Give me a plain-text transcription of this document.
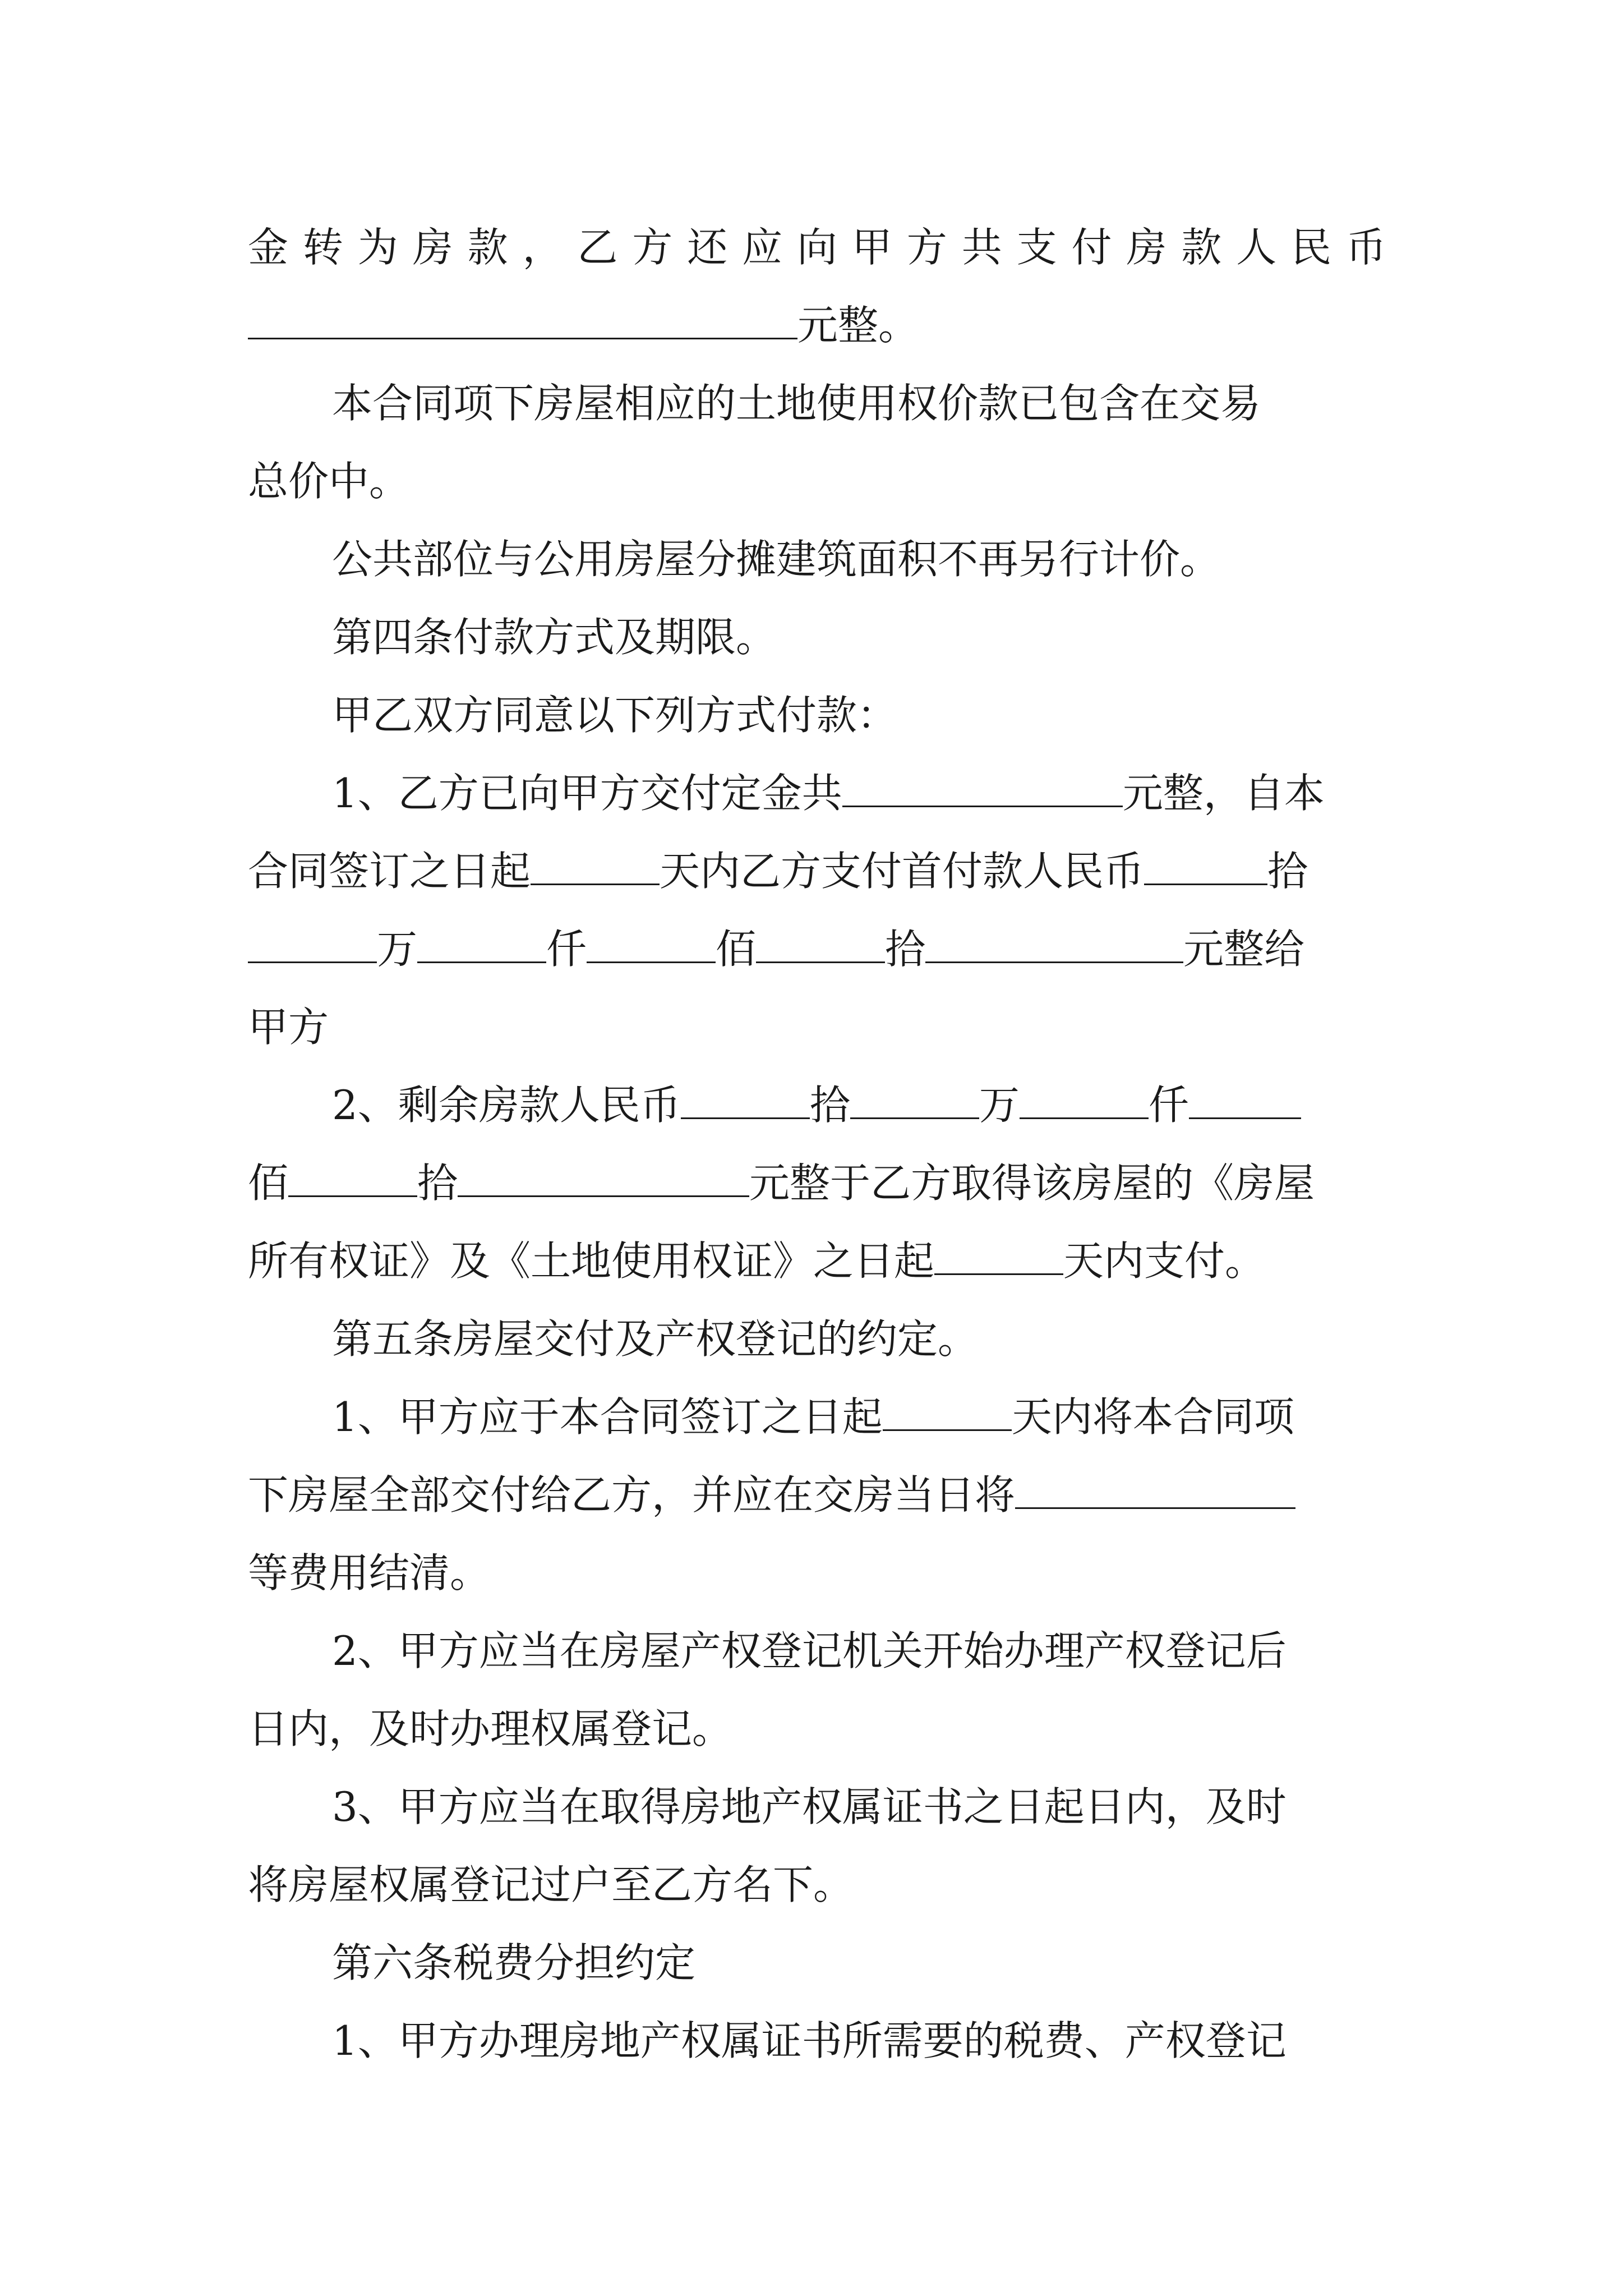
金转为房款，乙方还应向甲方共支付房款人民币
元整。
本合同项下房屋相应的土地使用权价款已包含在交易
总价中。
公共部位与公用房屋分摊建筑面积不再另行计价。
第四条付款方式及期限。
甲乙双方同意以下列方式付款：
1、乙方已向甲方交付定金共	元整，自本
合同签订之日起	天内乙方支付首付款人民币	拾
万	仟	佰	拾	元整给
甲方
2、剩余房款人民币	拾	万	仟
佰	拾	元整于乙方取得该房屋的《房屋
所有权证》及《土地使用权证》之日起	天内支付。
第五条房屋交付及产权登记的约定。
1、甲方应于本合同签订之日起	天内将本合同项
下房屋全部交付给乙方，并应在交房当日将
等费用结清。
2、甲方应当在房屋产权登记机关开始办理产权登记后
日内，及时办理权属登记。
3、甲方应当在取得房地产权属证书之日起日内，及时
将房屋权属登记过户至乙方名下。
第六条税费分担约定
1、甲方办理房地产权属证书所需要的税费、产权登记
